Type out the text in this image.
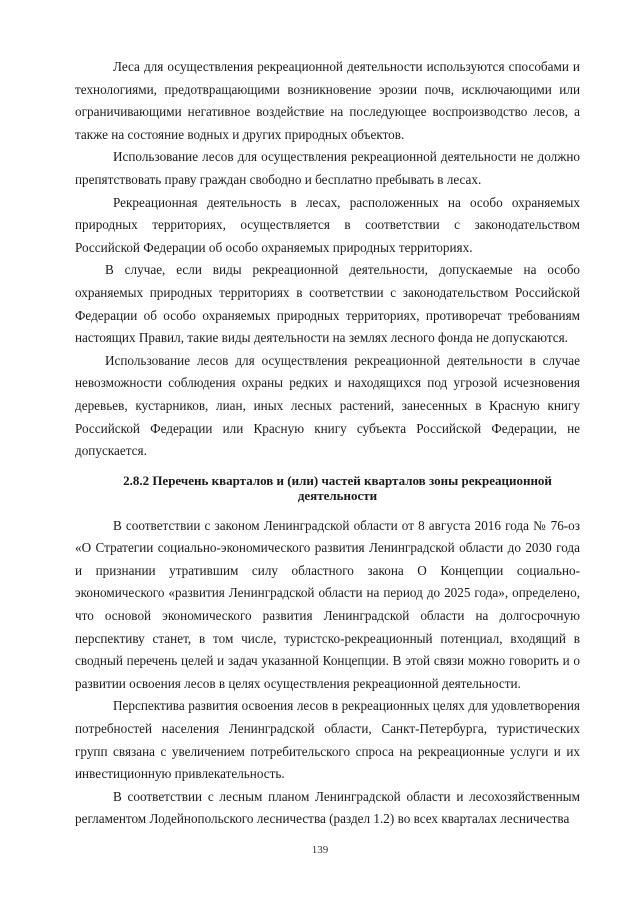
Леса для осуществления рекреационной деятельности используются способами и технологиями, предотвращающими возникновение эрозии почв, исключающими или ограничивающими негативное воздействие на последующее воспроизводство лесов, а также на состояние водных и других природных объектов.

Использование лесов для осуществления рекреационной деятельности не должно препятствовать праву граждан свободно и бесплатно пребывать в лесах.

Рекреационная деятельность в лесах, расположенных на особо охраняемых природных территориях, осуществляется в соответствии с законодательством Российской Федерации об особо охраняемых природных территориях.

В случае, если виды рекреационной деятельности, допускаемые на особо охраняемых природных территориях в соответствии с законодательством Российской Федерации об особо охраняемых природных территориях, противоречат требованиям настоящих Правил, такие виды деятельности на землях лесного фонда не допускаются.

Использование лесов для осуществления рекреационной деятельности в случае невозможности соблюдения охраны редких и находящихся под угрозой исчезновения деревьев, кустарников, лиан, иных лесных растений, занесенных в Красную книгу Российской Федерации или Красную книгу субъекта Российской Федерации, не допускается.

2.8.2 Перечень кварталов и (или) частей кварталов зоны рекреационной деятельности

В соответствии с законом Ленинградской области от 8 августа 2016 года № 76-оз «О Стратегии социально-экономического развития Ленинградской области до 2030 года и признании утратившим силу областного закона О Концепции социально-экономического «развития Ленинградской области на период до 2025 года», определено, что основой экономического развития Ленинградской области на долгосрочную перспективу станет, в том числе, туристско-рекреационный потенциал, входящий в сводный перечень целей и задач указанной Концепции. В этой связи можно говорить и о развитии освоения лесов в целях осуществления рекреационной деятельности.

Перспектива развития освоения лесов в рекреационных целях для удовлетворения потребностей населения Ленинградской области, Санкт-Петербурга, туристических групп связана с увеличением потребительского спроса на рекреационные услуги и их инвестиционную привлекательность.

В соответствии с лесным планом Ленинградской области и лесохозяйственным регламентом Лодейнопольского лесничества (раздел 1.2) во всех кварталах лесничества

139
